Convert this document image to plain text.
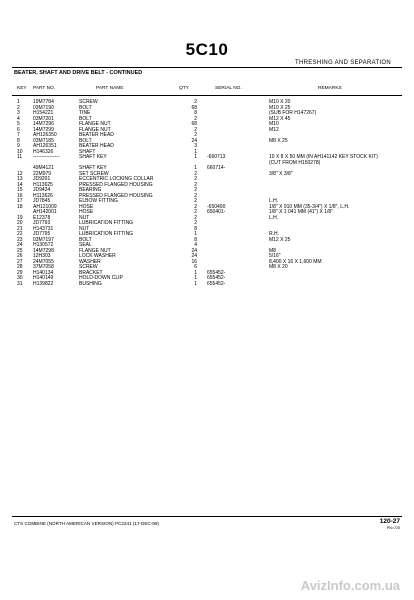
5C10
THRESHING AND SEPARATION
BEATER, SHAFT AND DRIVE BELT - CONTINUED
KEY PART NO.	PART NAME	QTY	SERIAL NO.	REMARKS
1	19M7784	SCREW	2		M10 X 20
2	03M7190	BOLT	68		M10 X 25
3	H154221	TINE	8		(SUB FOR H147267)
4	03M7201	BOLT	2		M12 X 45
5	14M7296	FLANGE NUT	68		M10
6	14M7299	FLANGE NUT	2		M12
7	AH126350	BEATER HEAD	2		
8	03M7185	BOLT	24		M8 X 25
9	AH126351	BEATER HEAD	3		
10	H146326	SHAFT	1		
11	----------------	SHAFT KEY	1	-660713	10 X 8 X 50 MM (IN AH141142 KEY STOCK KIT)
					(CUT FROM H150278)
	49M4121	SHAFT KEY	1	660714-	
12	22M979	SET SCREW	2		3/8" X 3/8"
13	JD9201	ECCENTRIC LOCKING COLLAR	2		
14	H113625	PRESSED FLANGED HOUSING	2		
15	JD9434	BEARING	2		
16	H113626	PRESSED FLANGED HOUSING	2		
17	JD7845	ELBOW FITTING	2		L.H.
18	AH121009	HOSE	2	-650400	1/8" X 910 MM (35-3/4") X 1/8", L.H.
	AH142001	HOSE	2	650401-	1/8" X 1 041 MM (41") X 1/8"
19	E12378	NUT	2		L.H.
20	JD7793	LUBRICATION FITTING	2		
21	H143731	NUT	8		
22	JD7795	LUBRICATION FITTING	1		R.H.
23	03M7197	BOLT	8		M12 X 25
24	H130572	SEAL	4		
25	14M7298	FLANGE NUT	24		M8
26	12H303	LOCK WASHER	24		5/16"
27	24M7055	WASHER	16		8,400 X 16 X 1,600 MM
28	37M7058	SCREW	6		M8 X 20
29	H140134	BRACKET	1	655452-	
30	H140149	HOLD-DOWN CLIP	1	655452-	
31	H139822	BUSHING	1	655452-	
CTS COMBINE (NORTH AMERICAN VERSION) PC2341 (17-DEC-99)	120-27
PN=725
AvizInfo.com.ua
